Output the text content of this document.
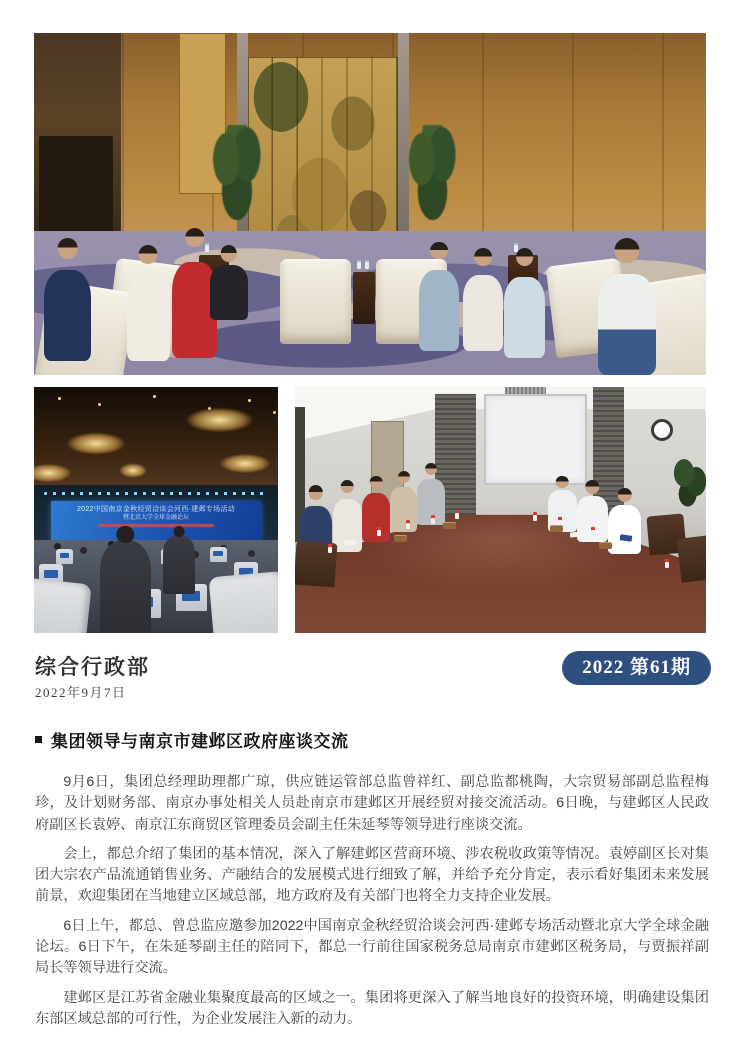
2022中国南京金秋经贸洽谈会河西·建邺专场活动
暨北京大学全球金融论坛
综合行政部
2022年9月7日
2022 第61期
集团领导与南京市建邺区政府座谈交流

9月6日，集团总经理助理都广琼，供应链运管部总监曾祥红、副总监都桃陶，大宗贸易部副总监程梅珍，及计划财务部、南京办事处相关人员赴南京市建邺区开展经贸对接交流活动。6日晚，与建邺区人民政府副区长袁婷、南京江东商贸区管理委员会副主任朱延琴等领导进行座谈交流。

会上，都总介绍了集团的基本情况，深入了解建邺区营商环境、涉农税收政策等情况。袁婷副区长对集团大宗农产品流通销售业务、产融结合的发展模式进行细致了解，并给予充分肯定，表示看好集团未来发展前景，欢迎集团在当地建立区域总部，地方政府及有关部门也将全力支持企业发展。

6日上午，都总、曾总监应邀参加2022中国南京金秋经贸洽谈会河西·建邺专场活动暨北京大学全球金融论坛。6日下午，在朱延琴副主任的陪同下，都总一行前往国家税务总局南京市建邺区税务局，与贾振祥副局长等领导进行交流。

建邺区是江苏省金融业集聚度最高的区域之一。集团将更深入了解当地良好的投资环境，明确建设集团东部区域总部的可行性，为企业发展注入新的动力。
